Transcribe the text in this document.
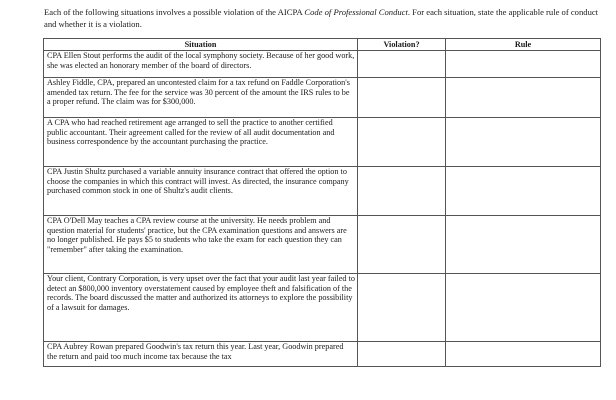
Each of the following situations involves a possible violation of the AICPA Code of Professional Conduct. For each situation, state the applicable rule of conduct and whether it is a violation.
Situation	Violation?	Rule

CPA Ellen Stout performs the audit of the local symphony society. Because of her good work, she was elected an honorary member of the board of directors.		

Ashley Fiddle, CPA, prepared an uncontested claim for a tax refund on Faddle Corporation's amended tax return. The fee for the service was 30 percent of the amount the IRS rules to be a proper refund. The claim was for $300,000.		

A CPA who had reached retirement age arranged to sell the practice to another certified public accountant. Their agreement called for the review of all audit documentation and business correspondence by the accountant purchasing the practice.		

CPA Justin Shultz purchased a variable annuity insurance contract that offered the option to choose the companies in which this contract will invest. As directed, the insurance company purchased common stock in one of Shultz's audit clients.		

CPA O'Dell May teaches a CPA review course at the university. He needs problem and question material for students' practice, but the CPA examination questions and answers are no longer published. He pays $5 to students who take the exam for each question they can "remember" after taking the examination.		

Your client, Contrary Corporation, is very upset over the fact that your audit last year failed to detect an $800,000 inventory overstatement caused by employee theft and falsification of the records. The board discussed the matter and authorized its attorneys to explore the possibility of a lawsuit for damages.		

CPA Aubrey Rowan prepared Goodwin's tax return this year. Last year, Goodwin prepared the return and paid too much income tax because the tax		
